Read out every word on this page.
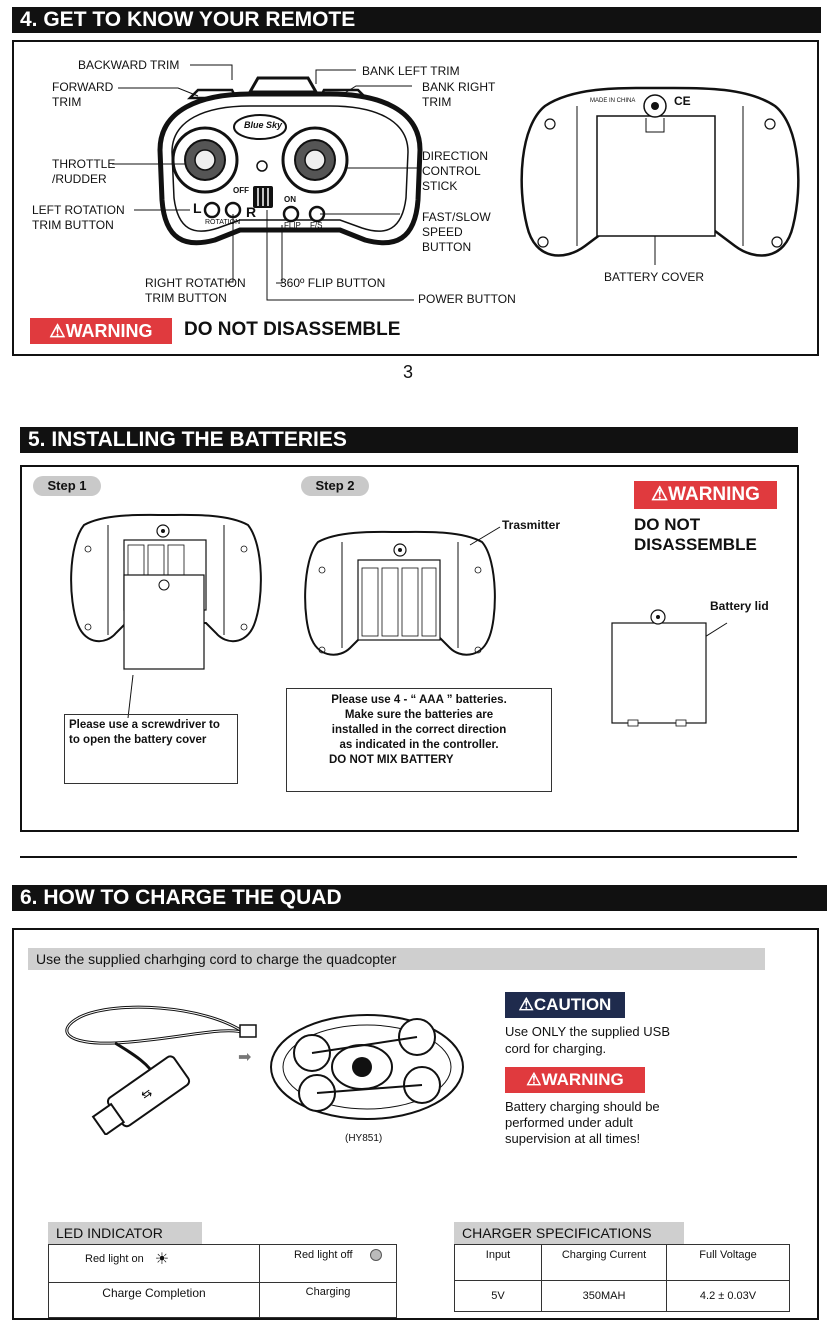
4. GET TO KNOW YOUR REMOTE
Blue Sky
OFF
ON
L	R
ROTATION	FLIP F/S
BACKWARD TRIM
FORWARD
TRIM
BANK LEFT TRIM
BANK RIGHT
TRIM
THROTTLE
/RUDDER
DIRECTION
CONTROL
STICK
LEFT ROTATION
TRIM BUTTON
FAST/SLOW
SPEED
BUTTON
RIGHT ROTATION
TRIM BUTTON
360º FLIP BUTTON
POWER BUTTON
BATTERY COVER
MADE IN CHINA	CE
⚠WARNING	DO NOT DISASSEMBLE
3
5. INSTALLING THE BATTERIES
Step 1	Step 2
Trasmitter
⚠WARNING
DO NOT
DISASSEMBLE
Battery lid
Please use a screwdriver to
to open the battery cover
Please use 4 - “ AAA ” batteries.
Make sure the batteries are
installed in the correct direction
as indicated in the controller.
DO NOT MIX BATTERY
6. HOW TO CHARGE THE QUAD
Use the supplied charhging cord to charge the quadcopter
⇆
➡
(HY851)
⚠CAUTION
Use ONLY the supplied USB
cord for charging.
⚠WARNING
Battery charging should be
performed under adult
supervision at all times!
LED INDICATOR
Red light on ☀	Red light off
Charge Completion	Charging
CHARGER SPECIFICATIONS
Input	Charging Current	Full Voltage
5V	350MAH	4.2 ± 0.03V
